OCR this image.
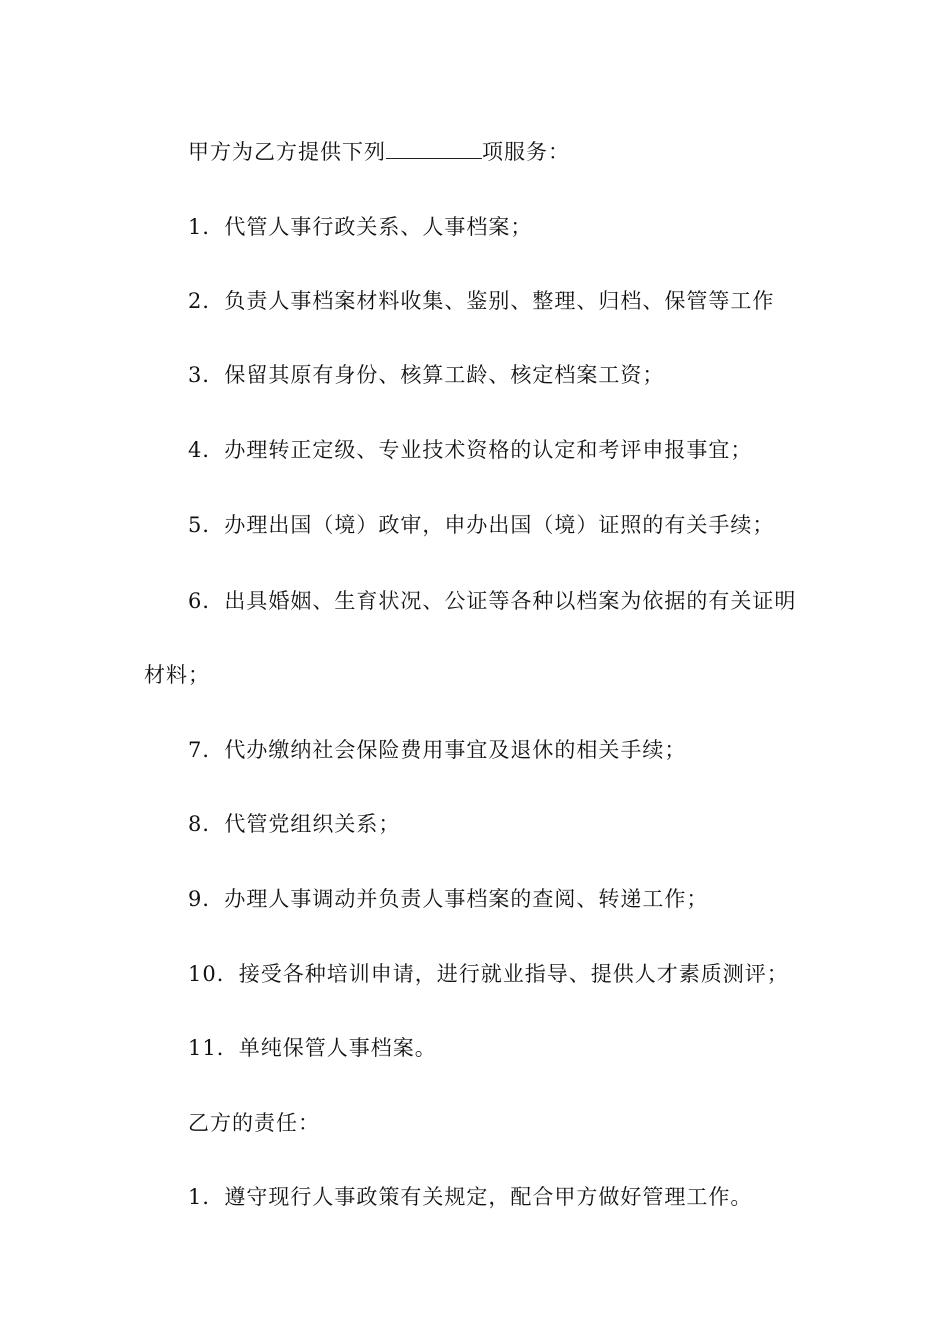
甲方为乙方提供下列	项服务：
1．代管人事行政关系、人事档案；
2．负责人事档案材料收集、鉴别、整理、归档、保管等工作
3．保留其原有身份、核算工龄、核定档案工资；
4．办理转正定级、专业技术资格的认定和考评申报事宜；
5．办理出国（境）政审，申办出国（境）证照的有关手续；
6．出具婚姻、生育状况、公证等各种以档案为依据的有关证明
材料；
7．代办缴纳社会保险费用事宜及退休的相关手续；
8．代管党组织关系；
9．办理人事调动并负责人事档案的查阅、转递工作；
10．接受各种培训申请，进行就业指导、提供人才素质测评；
11．单纯保管人事档案。
乙方的责任：
1．遵守现行人事政策有关规定，配合甲方做好管理工作。
